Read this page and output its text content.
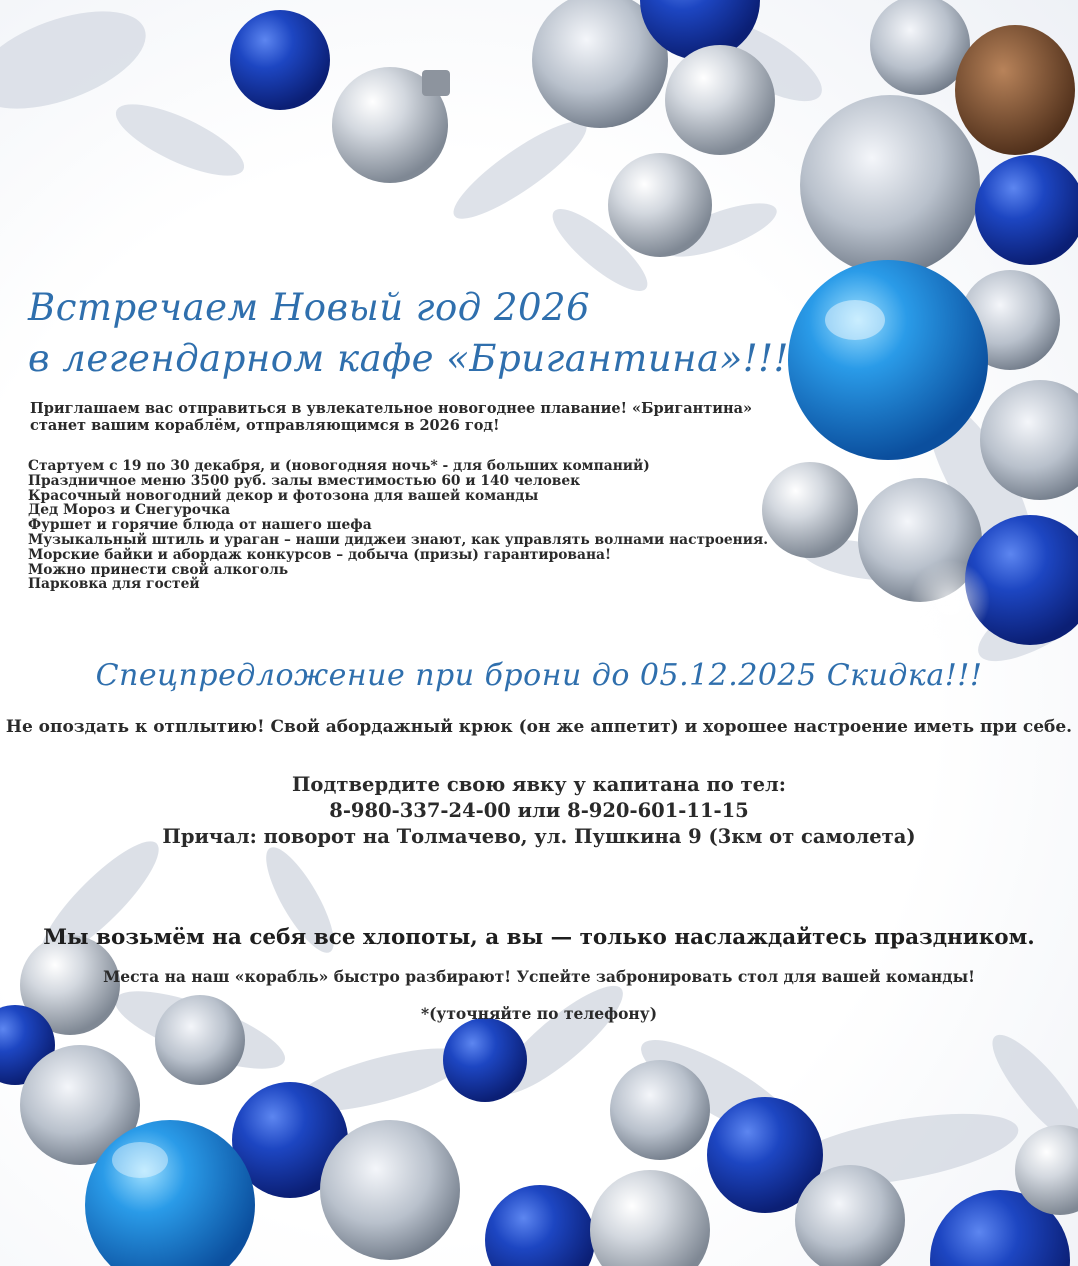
Встречаем Новый год 2026
в легендарном кафе «Бригантина»!!!
Приглашаем вас отправиться в увлекательное новогоднее плавание! «Бригантина» станет вашим кораблём, отправляющимся в 2026 год!
Стартуем с 19 по 30 декабря, и (новогодняя ночь* - для больших компаний)
Праздничное меню 3500 руб. залы вместимостью 60 и 140 человек
Красочный новогодний декор и фотозона для вашей команды
Дед Мороз и Снегурочка
Фуршет и горячие блюда от нашего шефа
Музыкальный штиль и ураган – наши диджеи знают, как управлять волнами настроения.
Морские байки и абордаж конкурсов – добыча (призы) гарантирована!
Можно принести свой алкоголь
Парковка для гостей
Спецпредложение при брони до 05.12.2025 Скидка!!!
Не опоздать к отплытию! Свой абордажный крюк (он же аппетит) и хорошее настроение иметь при себе.
Подтвердите свою явку у капитана по тел:
8-980-337-24-00 или 8-920-601-11-15
Причал: поворот на Толмачево, ул. Пушкина 9 (3км от самолета)
Мы возьмём на себя все хлопоты, а вы — только наслаждайтесь праздником.
Места на наш «корабль» быстро разбирают! Успейте забронировать стол для вашей команды!
*(уточняйте по телефону)
